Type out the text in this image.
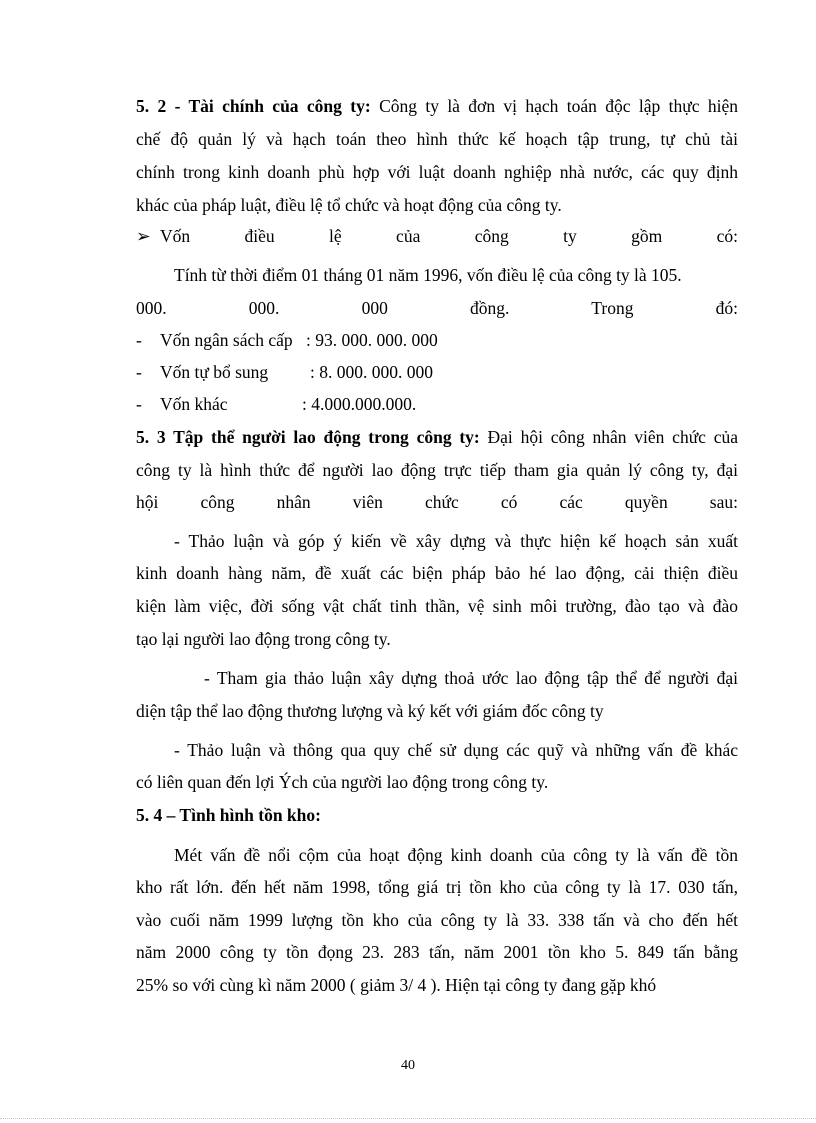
5. 2 - Tài chính của công ty: Công ty là đơn vị hạch toán độc lập thực hiện
chế độ quản lý và hạch toán theo hình thức kế hoạch tập trung, tự chủ tài
chính trong kinh doanh phù hợp với luật doanh nghiệp nhà nước, các quy định
khác của pháp luật, điều lệ tổ chức và hoạt động của công ty.
➢ Vốn điều lệ của công ty gồm có:
Tính từ thời điểm 01 tháng 01 năm 1996, vốn điều lệ của công ty là 105.
000. 000. 000 đồng. Trong đó:
- Vốn ngân sách cấp : 93. 000. 000. 000
- Vốn tự bổ sung : 8. 000. 000. 000
- Vốn khác	: 4.000.000.000.
5. 3 Tập thể người lao động trong công ty: Đại hội công nhân viên chức của
công ty là hình thức để người lao động trực tiếp tham gia quản lý công ty, đại
hội công nhân viên chức có các quyền sau:
- Thảo luận và góp ý kiến về xây dựng và thực hiện kế hoạch sản xuất
kinh doanh hàng năm, đề xuất các biện pháp bảo hé lao động, cải thiện điều
kiện làm việc, đời sống vật chất tinh thần, vệ sinh môi trường, đào tạo và đào
tạo lại người lao động trong công ty.
- Tham gia thảo luận xây dựng thoả ước lao động tập thể để người đại
diện tập thể lao động thương lượng và ký kết với giám đốc công ty
- Thảo luận và thông qua quy chế sử dụng các quỹ và những vấn đề khác
có liên quan đến lợi Ých của người lao động trong công ty.
5. 4 – Tình hình tồn kho:
Mét vấn đề nổi cộm của hoạt động kinh doanh của công ty là vấn đề tồn
kho rất lớn. đến hết năm 1998, tổng giá trị tồn kho của công ty là 17. 030 tấn,
vào cuối năm 1999 lượng tồn kho của công ty là 33. 338 tấn và cho đến hết
năm 2000 công ty tồn đọng 23. 283 tấn, năm 2001 tồn kho 5. 849 tấn bằng
25% so với cùng kì năm 2000 ( giảm 3/ 4 ). Hiện tại công ty đang gặp khó
40
